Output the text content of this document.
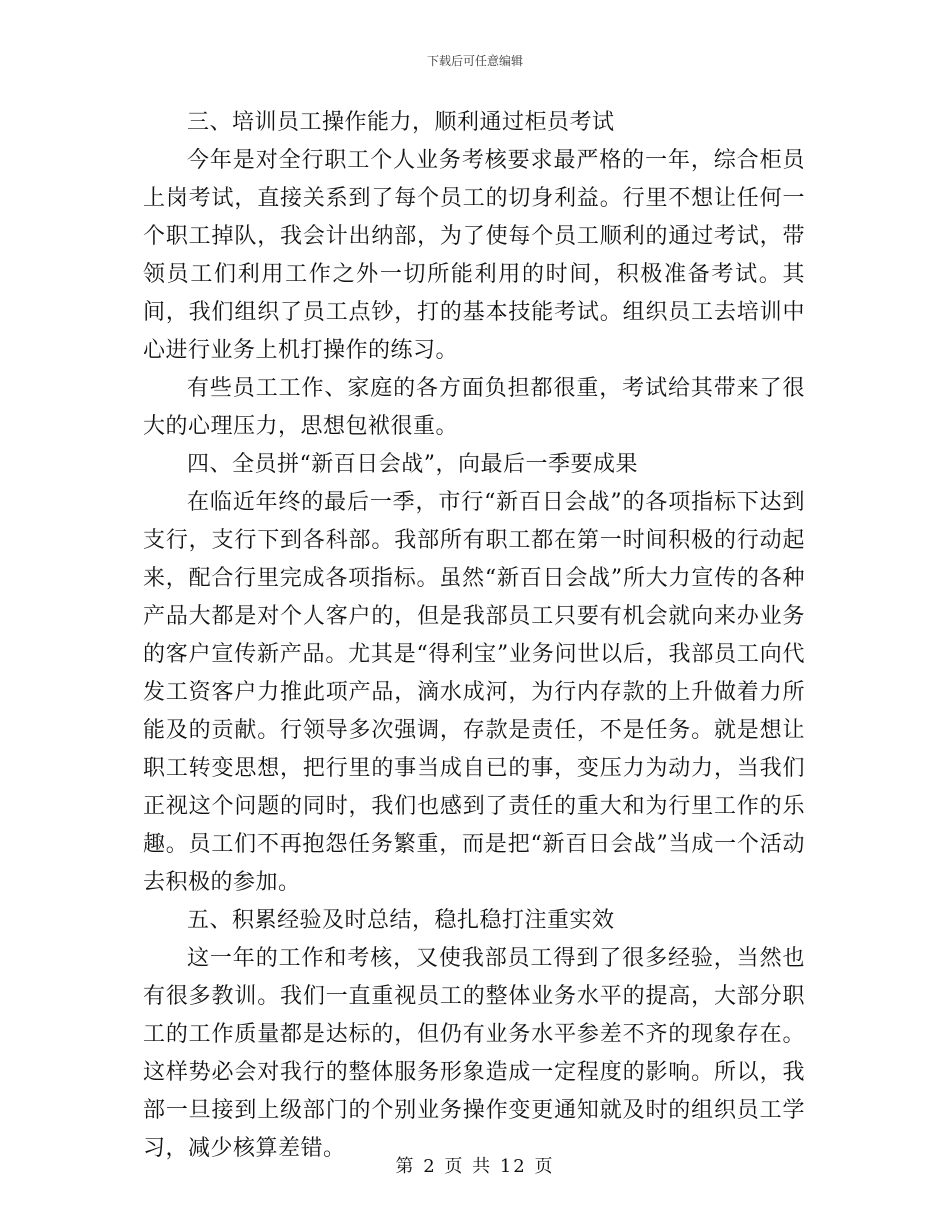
下载后可任意编辑

三、培训员工操作能力，顺利通过柜员考试

今年是对全行职工个人业务考核要求最严格的一年，综合柜员上岗考试，直接关系到了每个员工的切身利益。行里不想让任何一个职工掉队，我会计出纳部，为了使每个员工顺利的通过考试，带领员工们利用工作之外一切所能利用的时间，积极准备考试。其间，我们组织了员工点钞，打的基本技能考试。组织员工去培训中心进行业务上机打操作的练习。

有些员工工作、家庭的各方面负担都很重，考试给其带来了很大的心理压力，思想包袱很重。

四、全员拼“新百日会战”，向最后一季要成果

在临近年终的最后一季，市行“新百日会战”的各项指标下达到支行，支行下到各科部。我部所有职工都在第一时间积极的行动起来，配合行里完成各项指标。虽然“新百日会战”所大力宣传的各种产品大都是对个人客户的，但是我部员工只要有机会就向来办业务的客户宣传新产品。尤其是“得利宝”业务问世以后，我部员工向代发工资客户力推此项产品，滴水成河，为行内存款的上升做着力所能及的贡献。行领导多次强调，存款是责任，不是任务。就是想让职工转变思想，把行里的事当成自已的事，变压力为动力，当我们正视这个问题的同时，我们也感到了责任的重大和为行里工作的乐趣。员工们不再抱怨任务繁重，而是把“新百日会战”当成一个活动去积极的参加。

五、积累经验及时总结，稳扎稳打注重实效

这一年的工作和考核，又使我部员工得到了很多经验，当然也有很多教训。我们一直重视员工的整体业务水平的提高，大部分职工的工作质量都是达标的，但仍有业务水平参差不齐的现象存在。这样势必会对我行的整体服务形象造成一定程度的影响。所以，我部一旦接到上级部门的个别业务操作变更通知就及时的组织员工学习，减少核算差错。

第 2 页 共 12 页
